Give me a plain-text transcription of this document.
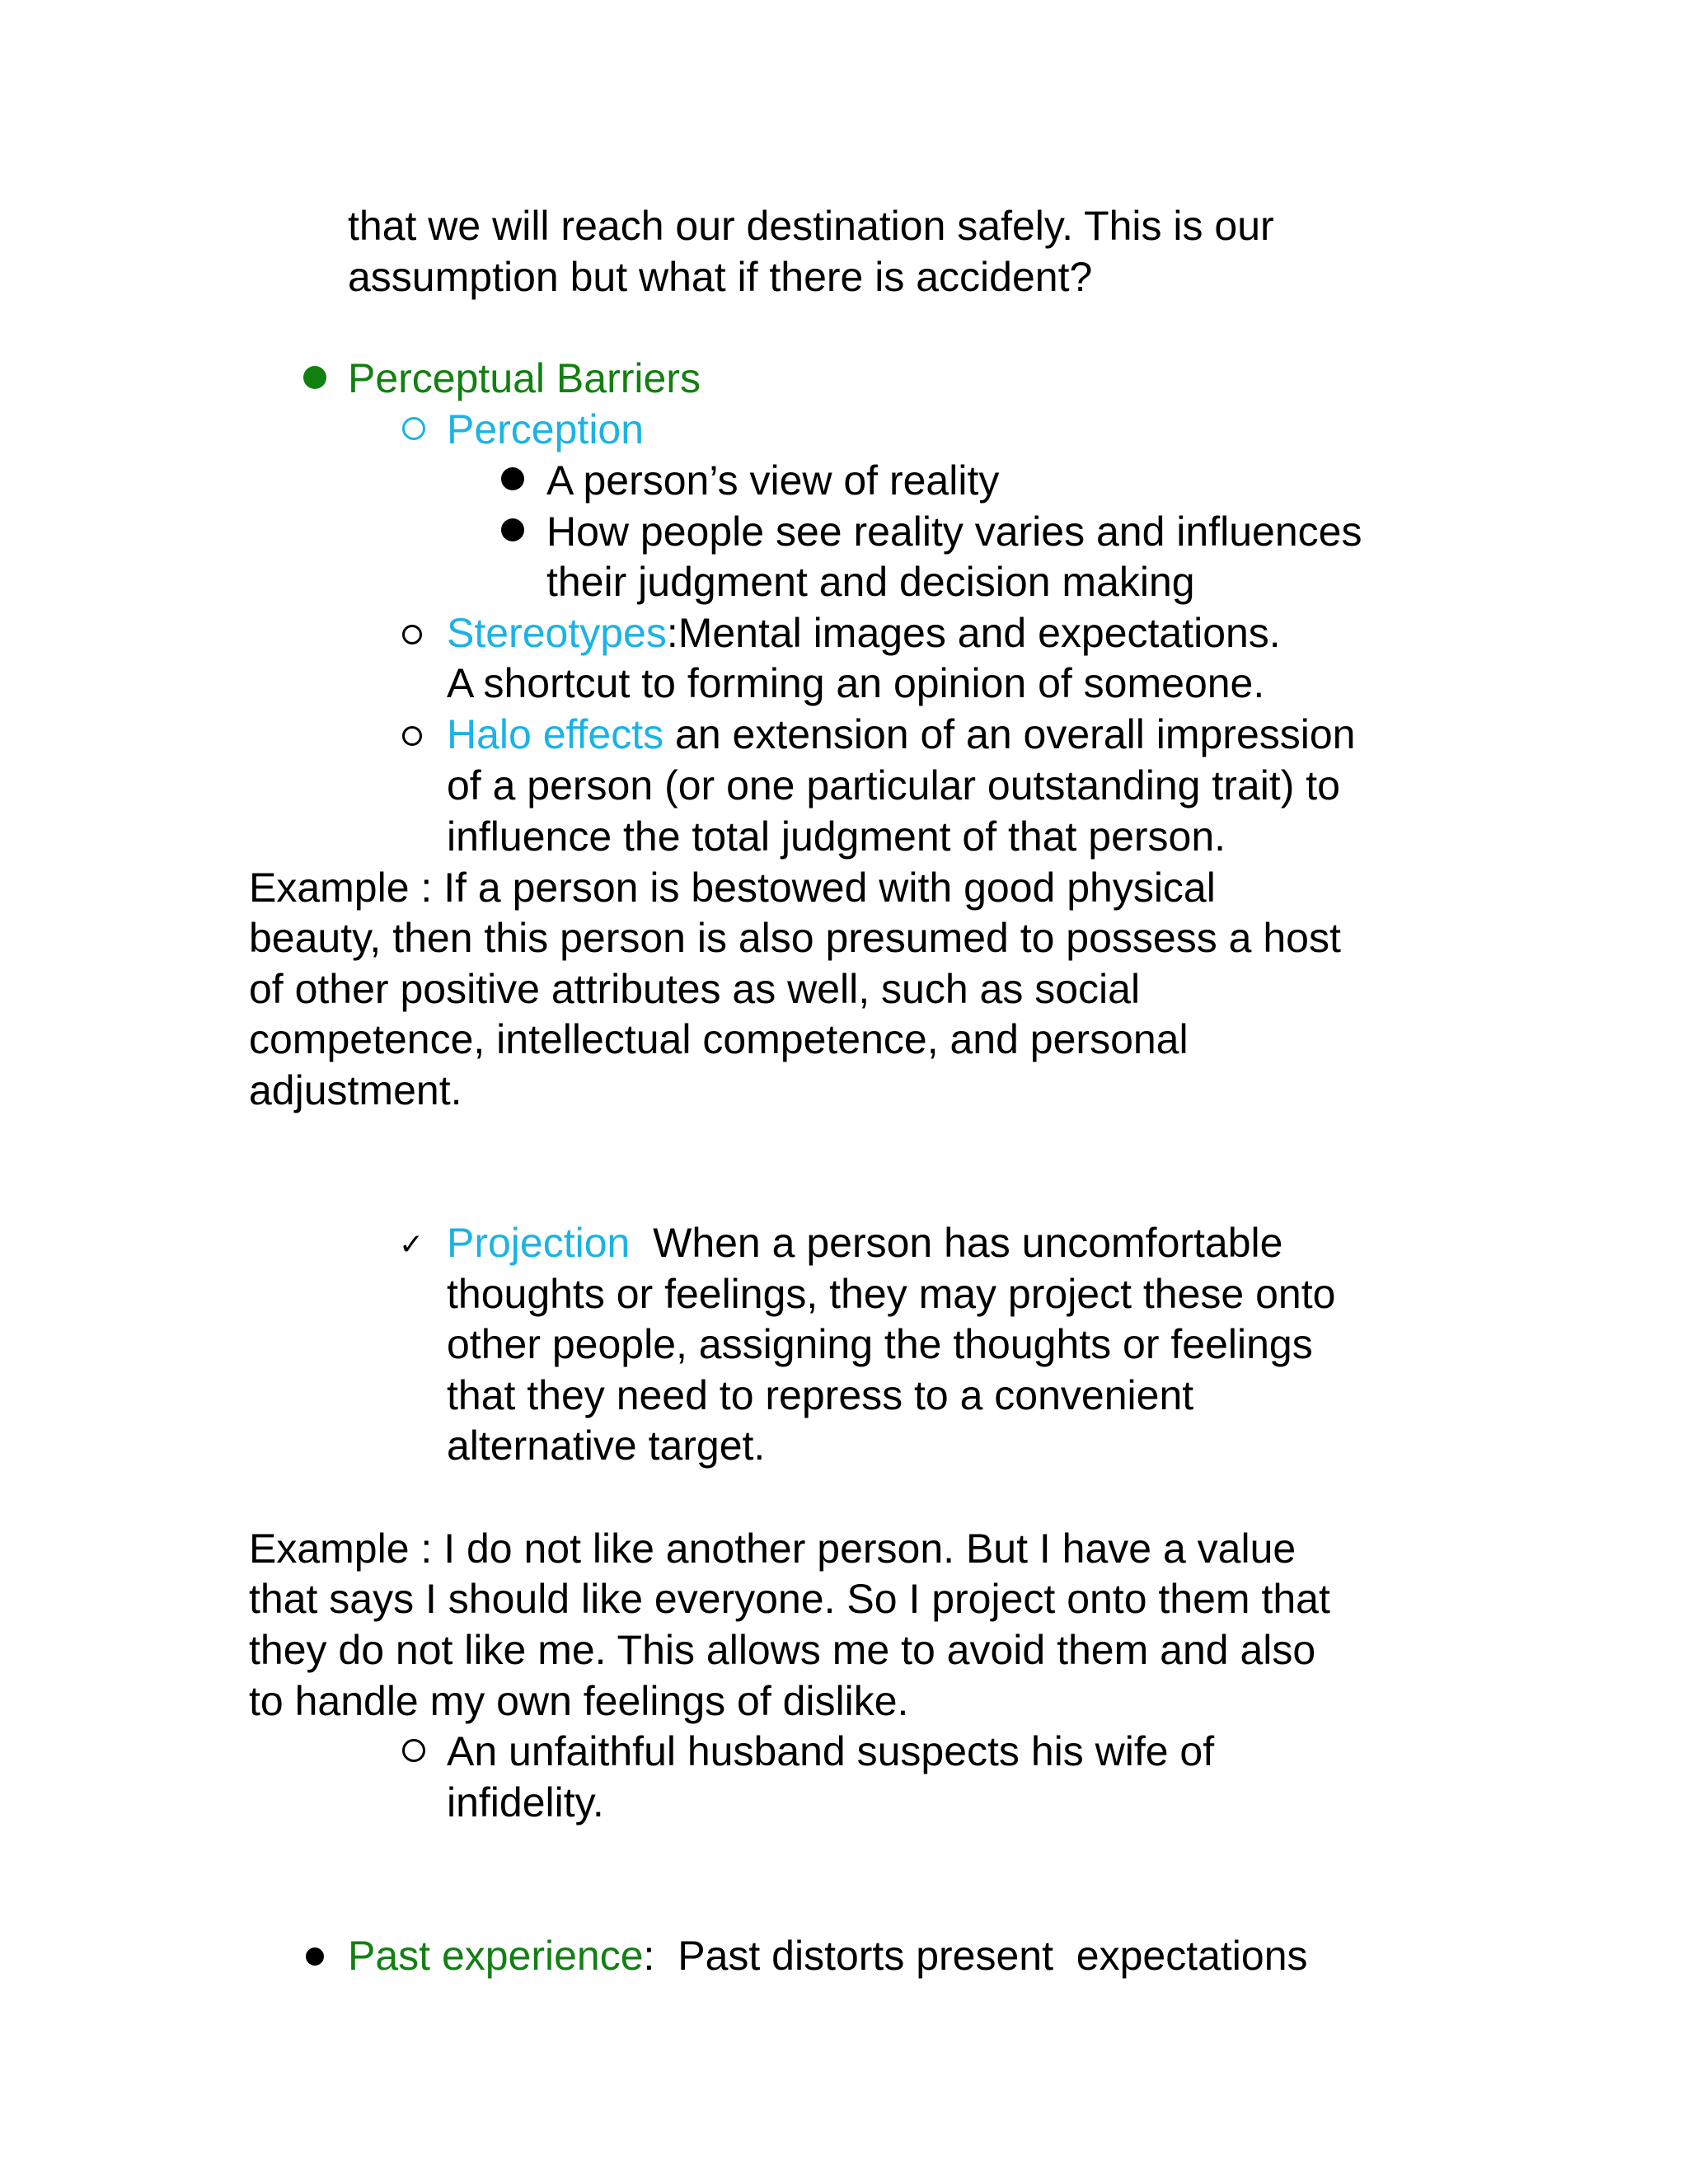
that we will reach our destination safely. This is our
assumption but what if there is accident?
Perceptual Barriers
Perception
A person’s view of reality
How people see reality varies and influences
their judgment and decision making
Stereotypes:Mental images and expectations.
A shortcut to forming an opinion of someone.
Halo effects an extension of an overall impression
of a person (or one particular outstanding trait) to
influence the total judgment of that person.
Example : If a person is bestowed with good physical
beauty, then this person is also presumed to possess a host
of other positive attributes as well, such as social
competence, intellectual competence, and personal
adjustment.
✓ Projection  When a person has uncomfortable
thoughts or feelings, they may project these onto
other people, assigning the thoughts or feelings
that they need to repress to a convenient
alternative target.
Example : I do not like another person. But I have a value
that says I should like everyone. So I project onto them that
they do not like me. This allows me to avoid them and also
to handle my own feelings of dislike.
An unfaithful husband suspects his wife of
infidelity.
Past experience:  Past distorts present  expectations
